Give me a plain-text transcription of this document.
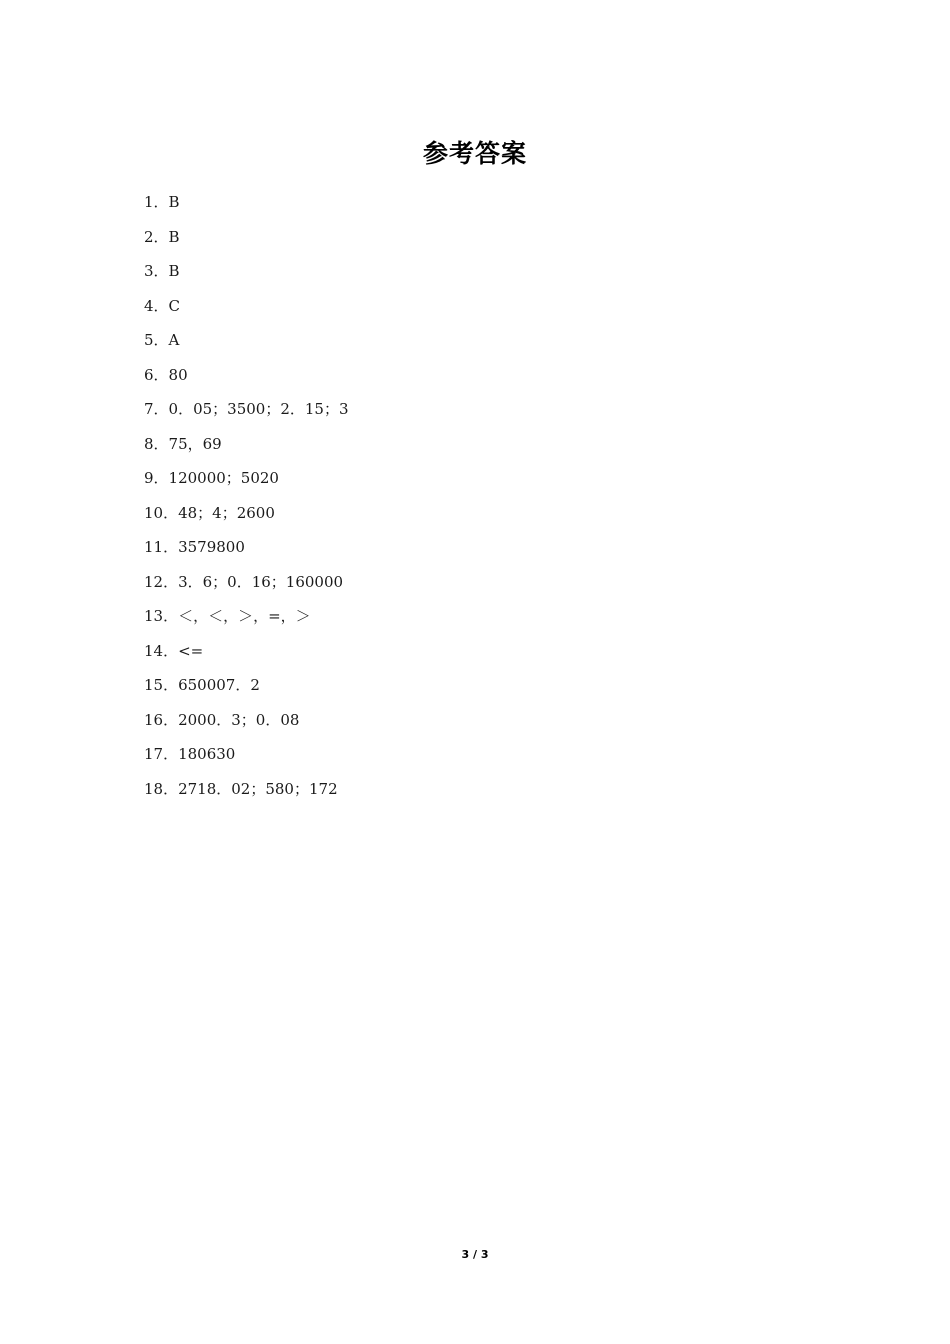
参考答案
1．B
2．B
3．B
4．C
5．A
6．80
7．0．05；3500；2．15；3
8．75，69
9．120000；5020
10．48；4；2600
11．3579800
12．3．6；0．16；160000
13．＜，＜，＞，=，＞
14．<=
15．650007．2
16．2000．3；0．08
17．180630
18．2718．02；580；172
3 / 3
